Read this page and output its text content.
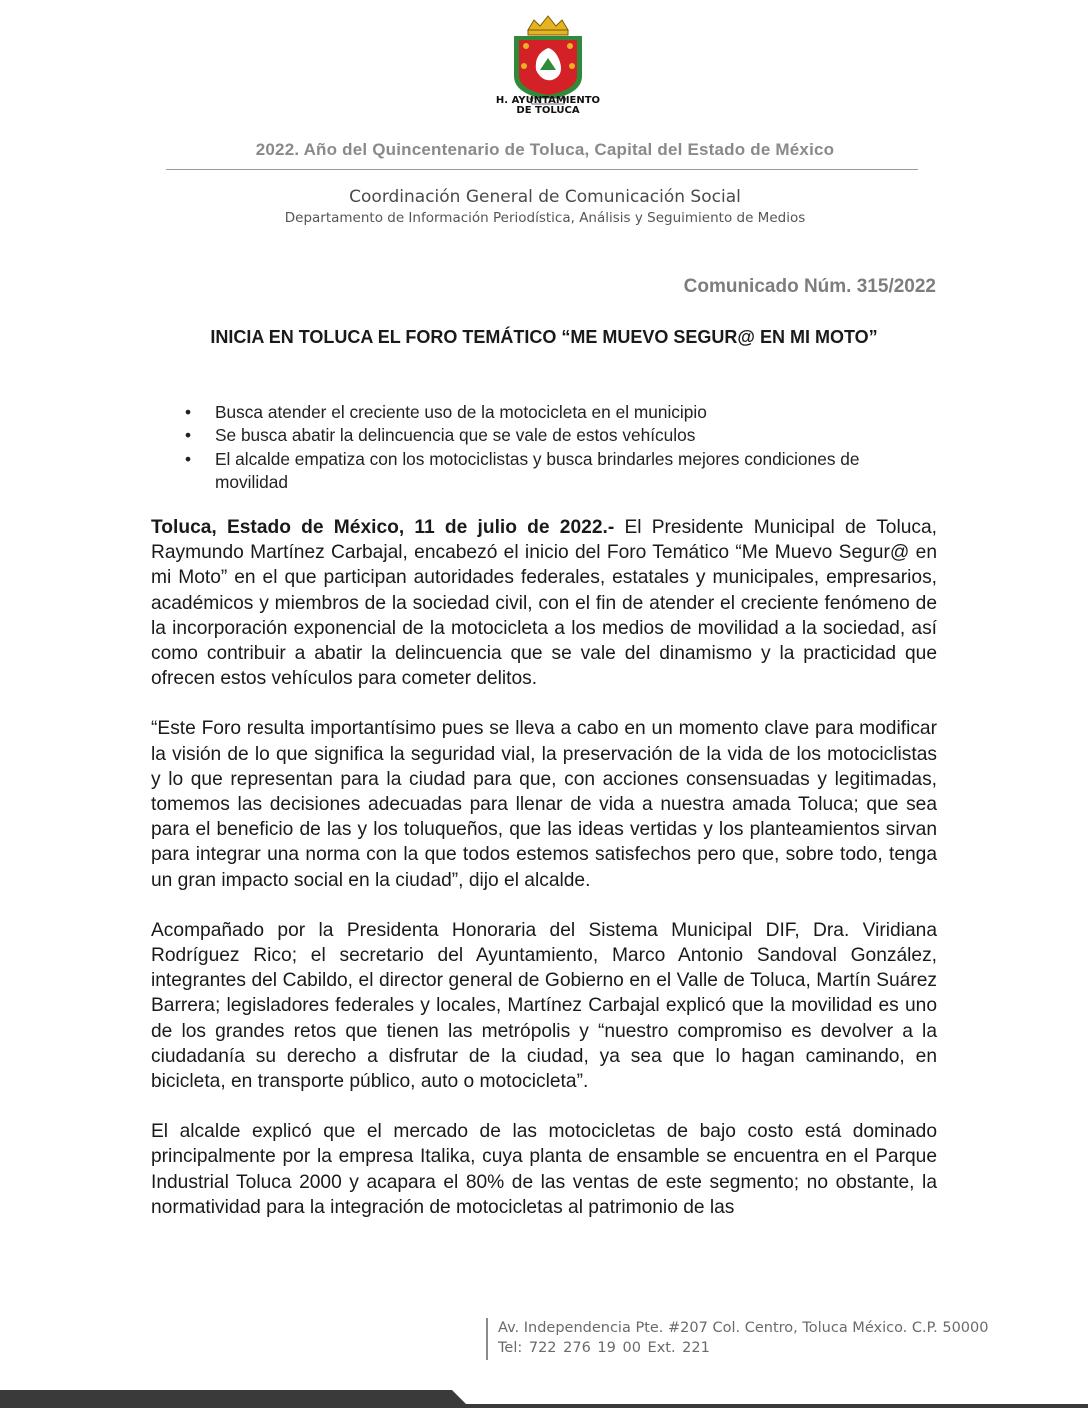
H. AYUNTAMIENTO
DE TOLUCA
2022. Año del Quincentenario de Toluca, Capital del Estado de México
Coordinación General de Comunicación Social
Departamento de Información Periodística, Análisis y Seguimiento de Medios
Comunicado Núm. 315/2022
INICIA EN TOLUCA EL FORO TEMÁTICO “ME MUEVO SEGUR@ EN MI MOTO”
• Busca atender el creciente uso de la motocicleta en el municipio
• Se busca abatir la delincuencia que se vale de estos vehículos
• El alcalde empatiza con los motociclistas y busca brindarles mejores condiciones de movilidad

Toluca, Estado de México, 11 de julio de 2022.- El Presidente Municipal de Toluca, Raymundo Martínez Carbajal, encabezó el inicio del Foro Temático “Me Muevo Segur@ en mi Moto” en el que participan autoridades federales, estatales y municipales, empresarios, académicos y miembros de la sociedad civil, con el fin de atender el creciente fenómeno de la incorporación exponencial de la motocicleta a los medios de movilidad a la sociedad, así como contribuir a abatir la delincuencia que se vale del dinamismo y la practicidad que ofrecen estos vehículos para cometer delitos.

“Este Foro resulta importantísimo pues se lleva a cabo en un momento clave para modificar la visión de lo que significa la seguridad vial, la preservación de la vida de los motociclistas y lo que representan para la ciudad para que, con acciones consensuadas y legitimadas, tomemos las decisiones adecuadas para llenar de vida a nuestra amada Toluca; que sea para el beneficio de las y los toluqueños, que las ideas vertidas y los planteamientos sirvan para integrar una norma con la que todos estemos satisfechos pero que, sobre todo, tenga un gran impacto social en la ciudad”, dijo el alcalde.

Acompañado por la Presidenta Honoraria del Sistema Municipal DIF, Dra. Viridiana Rodríguez Rico; el secretario del Ayuntamiento, Marco Antonio Sandoval González, integrantes del Cabildo, el director general de Gobierno en el Valle de Toluca, Martín Suárez Barrera; legisladores federales y locales, Martínez Carbajal explicó que la movilidad es uno de los grandes retos que tienen las metrópolis y “nuestro compromiso es devolver a la ciudadanía su derecho a disfrutar de la ciudad, ya sea que lo hagan caminando, en bicicleta, en transporte público, auto o motocicleta”.

El alcalde explicó que el mercado de las motocicletas de bajo costo está dominado principalmente por la empresa Italika, cuya planta de ensamble se encuentra en el Parque Industrial Toluca 2000 y acapara el 80% de las ventas de este segmento; no obstante, la normatividad para la integración de motocicletas al patrimonio de las

Av. Independencia Pte. #207 Col. Centro, Toluca México. C.P. 50000
Tel: 722 276 19 00 Ext. 221
